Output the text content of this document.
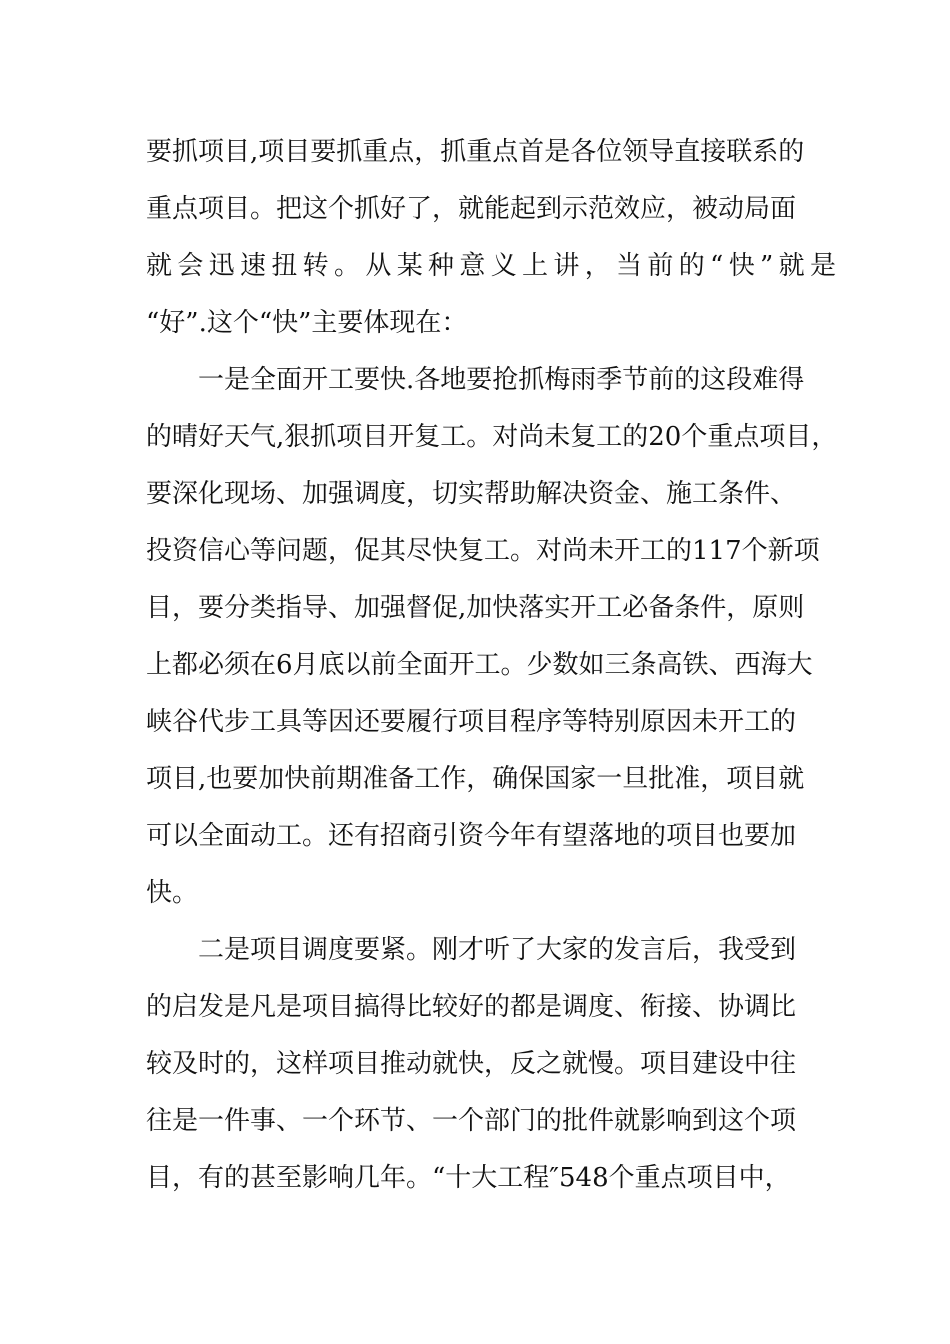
要抓项目,项目要抓重点，抓重点首是各位领导直接联系的
重点项目。把这个抓好了，就能起到示范效应，被动局面
就会迅速扭转。从某种意义上讲，当前的“快”就是
“好”.这个“快”主要体现在：
一是全面开工要快.各地要抢抓梅雨季节前的这段难得
的晴好天气,狠抓项目开复工。对尚未复工的20个重点项目，
要深化现场、加强调度，切实帮助解决资金、施工条件、
投资信心等问题，促其尽快复工。对尚未开工的117个新项
目，要分类指导、加强督促,加快落实开工必备条件，原则
上都必须在6月底以前全面开工。少数如三条高铁、西海大
峡谷代步工具等因还要履行项目程序等特别原因未开工的
项目,也要加快前期准备工作，确保国家一旦批准，项目就
可以全面动工。还有招商引资今年有望落地的项目也要加
快。
二是项目调度要紧。刚才听了大家的发言后，我受到
的启发是凡是项目搞得比较好的都是调度、衔接、协调比
较及时的，这样项目推动就快，反之就慢。项目建设中往
往是一件事、一个环节、一个部门的批件就影响到这个项
目，有的甚至影响几年。“十大工程″548个重点项目中，
